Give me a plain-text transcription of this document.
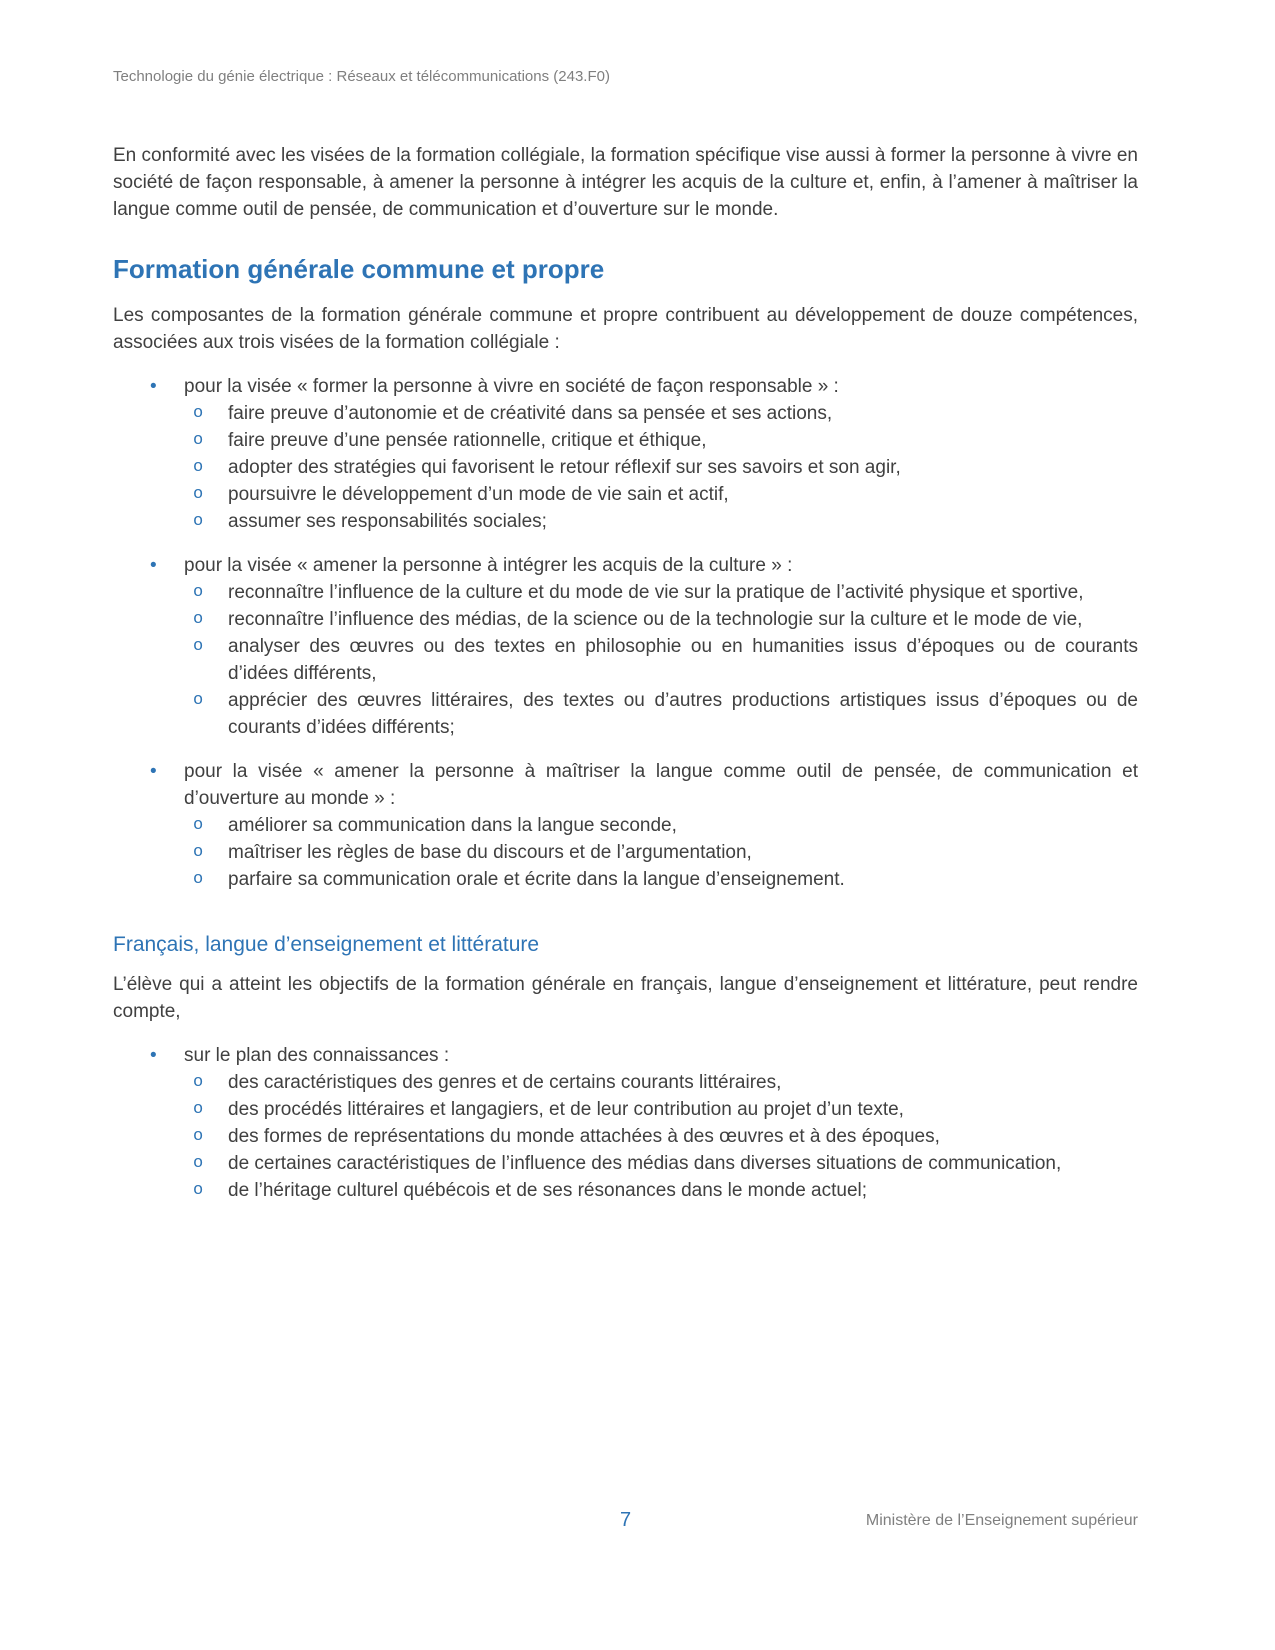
Technologie du génie électrique : Réseaux et télécommunications (243.F0)

En conformité avec les visées de la formation collégiale, la formation spécifique vise aussi à former la personne à vivre en société de façon responsable, à amener la personne à intégrer les acquis de la culture et, enfin, à l’amener à maîtriser la langue comme outil de pensée, de communication et d’ouverture sur le monde.

Formation générale commune et propre

Les composantes de la formation générale commune et propre contribuent au développement de douze compétences, associées aux trois visées de la formation collégiale :

•	pour la visée « former la personne à vivre en société de façon responsable » :
o	faire preuve d’autonomie et de créativité dans sa pensée et ses actions,
o	faire preuve d’une pensée rationnelle, critique et éthique,
o	adopter des stratégies qui favorisent le retour réflexif sur ses savoirs et son agir,
o	poursuivre le développement d’un mode de vie sain et actif,
o	assumer ses responsabilités sociales;
•	pour la visée « amener la personne à intégrer les acquis de la culture » :
o	reconnaître l’influence de la culture et du mode de vie sur la pratique de l’activité physique et sportive,
o	reconnaître l’influence des médias, de la science ou de la technologie sur la culture et le mode de vie,
o	analyser des œuvres ou des textes en philosophie ou en humanities issus d’époques ou de courants d’idées différents,
o	apprécier des œuvres littéraires, des textes ou d’autres productions artistiques issus d’époques ou de courants d’idées différents;
•	pour la visée « amener la personne à maîtriser la langue comme outil de pensée, de communication et d’ouverture au monde » :
o	améliorer sa communication dans la langue seconde,
o	maîtriser les règles de base du discours et de l’argumentation,
o	parfaire sa communication orale et écrite dans la langue d’enseignement.
Français, langue d’enseignement et littérature

L’élève qui a atteint les objectifs de la formation générale en français, langue d’enseignement et littérature, peut rendre compte,

•	sur le plan des connaissances :
o	des caractéristiques des genres et de certains courants littéraires,
o	des procédés littéraires et langagiers, et de leur contribution au projet d’un texte,
o	des formes de représentations du monde attachées à des œuvres et à des époques,
o	de certaines caractéristiques de l’influence des médias dans diverses situations de communication,
o	de l’héritage culturel québécois et de ses résonances dans le monde actuel;
7	Ministère de l’Enseignement supérieur
